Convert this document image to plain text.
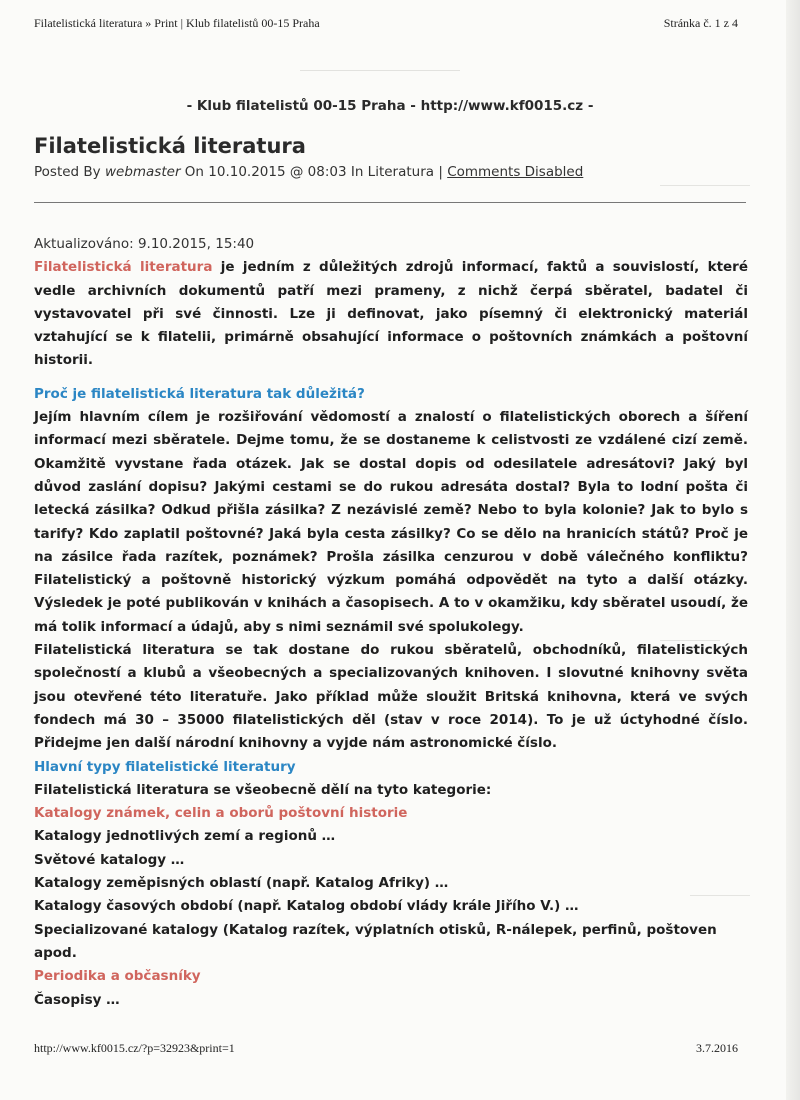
Filatelistická literatura » Print | Klub filatelistů 00-15 Praha	Stránka č. 1 z 4
- Klub filatelistů 00-15 Praha - http://www.kf0015.cz -
Filatelistická literatura
Posted By webmaster On 10.10.2015 @ 08:03 In Literatura | Comments Disabled

Aktualizováno: 9.10.2015, 15:40

Filatelistická literatura je jedním z důležitých zdrojů informací, faktů a souvislostí, které vedle archivních dokumentů patří mezi prameny, z nichž čerpá sběratel, badatel či vystavovatel při své činnosti. Lze ji definovat, jako písemný či elektronický materiál vztahující se k filatelii, primárně obsahující informace o poštovních známkách a poštovní historii.

Proč je filatelistická literatura tak důležitá?

Jejím hlavním cílem je rozšiřování vědomostí a znalostí o filatelistických oborech a šíření informací mezi sběratele. Dejme tomu, že se dostaneme k celistvosti ze vzdálené cizí země. Okamžitě vyvstane řada otázek. Jak se dostal dopis od odesilatele adresátovi? Jaký byl důvod zaslání dopisu? Jakými cestami se do rukou adresáta dostal? Byla to lodní pošta či letecká zásilka? Odkud přišla zásilka? Z nezávislé země? Nebo to byla kolonie? Jak to bylo s tarify? Kdo zaplatil poštovné? Jaká byla cesta zásilky? Co se dělo na hranicích států? Proč je na zásilce řada razítek, poznámek? Prošla zásilka cenzurou v době válečného konfliktu? Filatelistický a poštovně historický výzkum pomáhá odpovědět na tyto a další otázky. Výsledek je poté publikován v knihách a časopisech. A to v okamžiku, kdy sběratel usoudí, že má tolik informací a údajů, aby s nimi seznámil své spolukolegy.

Filatelistická literatura se tak dostane do rukou sběratelů, obchodníků, filatelistických společností a klubů a všeobecných a specializovaných knihoven. I slovutné knihovny světa jsou otevřené této literatuře. Jako příklad může sloužit Britská knihovna, která ve svých fondech má 30 – 35000 filatelistických děl (stav v roce 2014). To je už úctyhodné číslo. Přidejme jen další národní knihovny a vyjde nám astronomické číslo.

Hlavní typy filatelistické literatury

Filatelistická literatura se všeobecně dělí na tyto kategorie:

Katalogy známek, celin a oborů poštovní historie

Katalogy jednotlivých zemí a regionů …

Světové katalogy …

Katalogy zeměpisných oblastí (např. Katalog Afriky) …

Katalogy časových období (např. Katalog období vlády krále Jiřího V.) …

Specializované katalogy (Katalog razítek, výplatních otisků, R-nálepek, perfinů, poštoven apod.

Periodika a občasníky

Časopisy …

http://www.kf0015.cz/?p=32923&print=1	3.7.2016
